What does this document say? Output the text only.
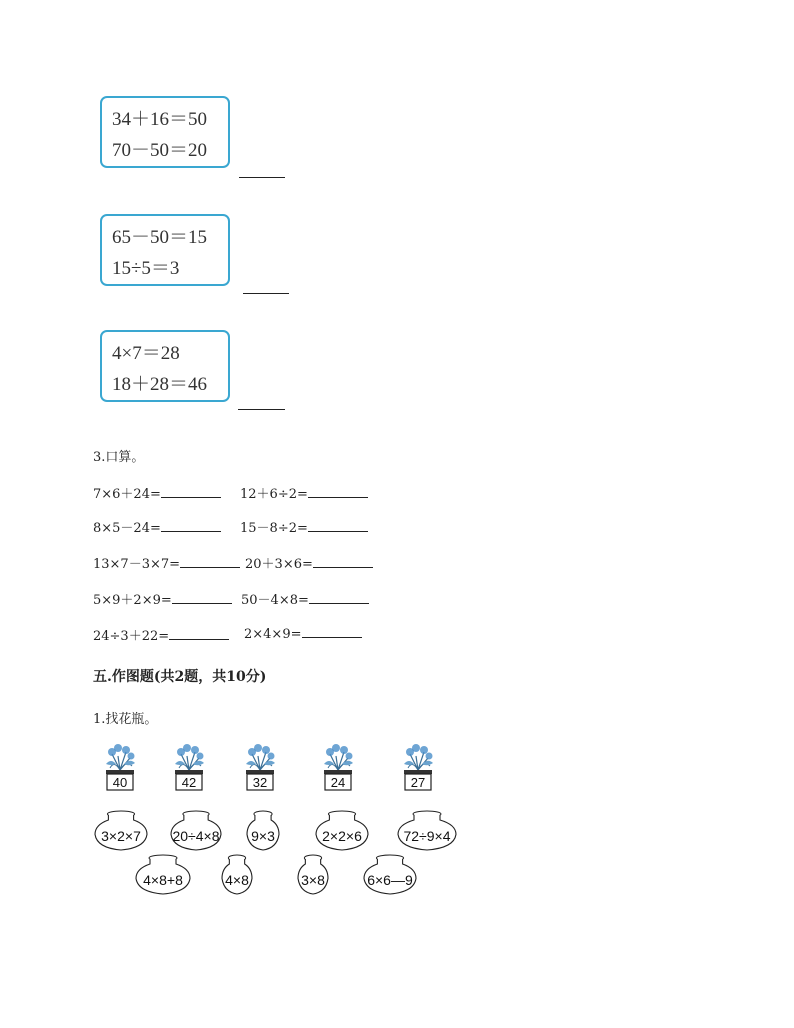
34＋16＝50
70－50＝20
65－50＝15
15÷5＝3
4×7＝28
18＋28＝46
3.口算。
7×6＋24=	12＋6÷2=
8×5－24=	15－8÷2=
13×7－3×7=	20＋3×6=
5×9＋2×9=	50－4×8=
24÷3＋22=	2×4×9=
五.作图题(共2题，共10分)
1.找花瓶。
40	42	32	24	27
3×2×7	20÷4×8	9×3	2×2×6	72÷9×4
4×8+8	4×8	3×8	6×6—9
